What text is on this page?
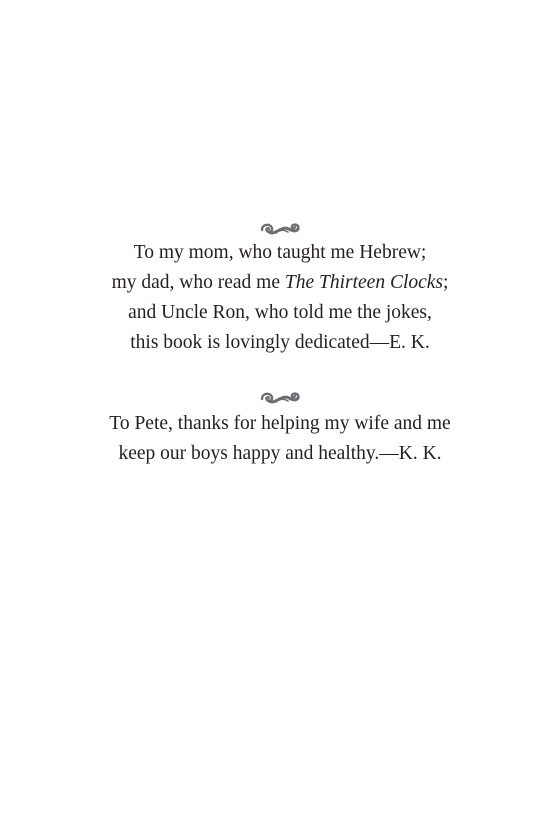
To my mom, who taught me Hebrew;
my dad, who read me The Thirteen Clocks;
and Uncle Ron, who told me the jokes,
this book is lovingly dedicated—E. K.
To Pete, thanks for helping my wife and me
keep our boys happy and healthy.—K. K.
